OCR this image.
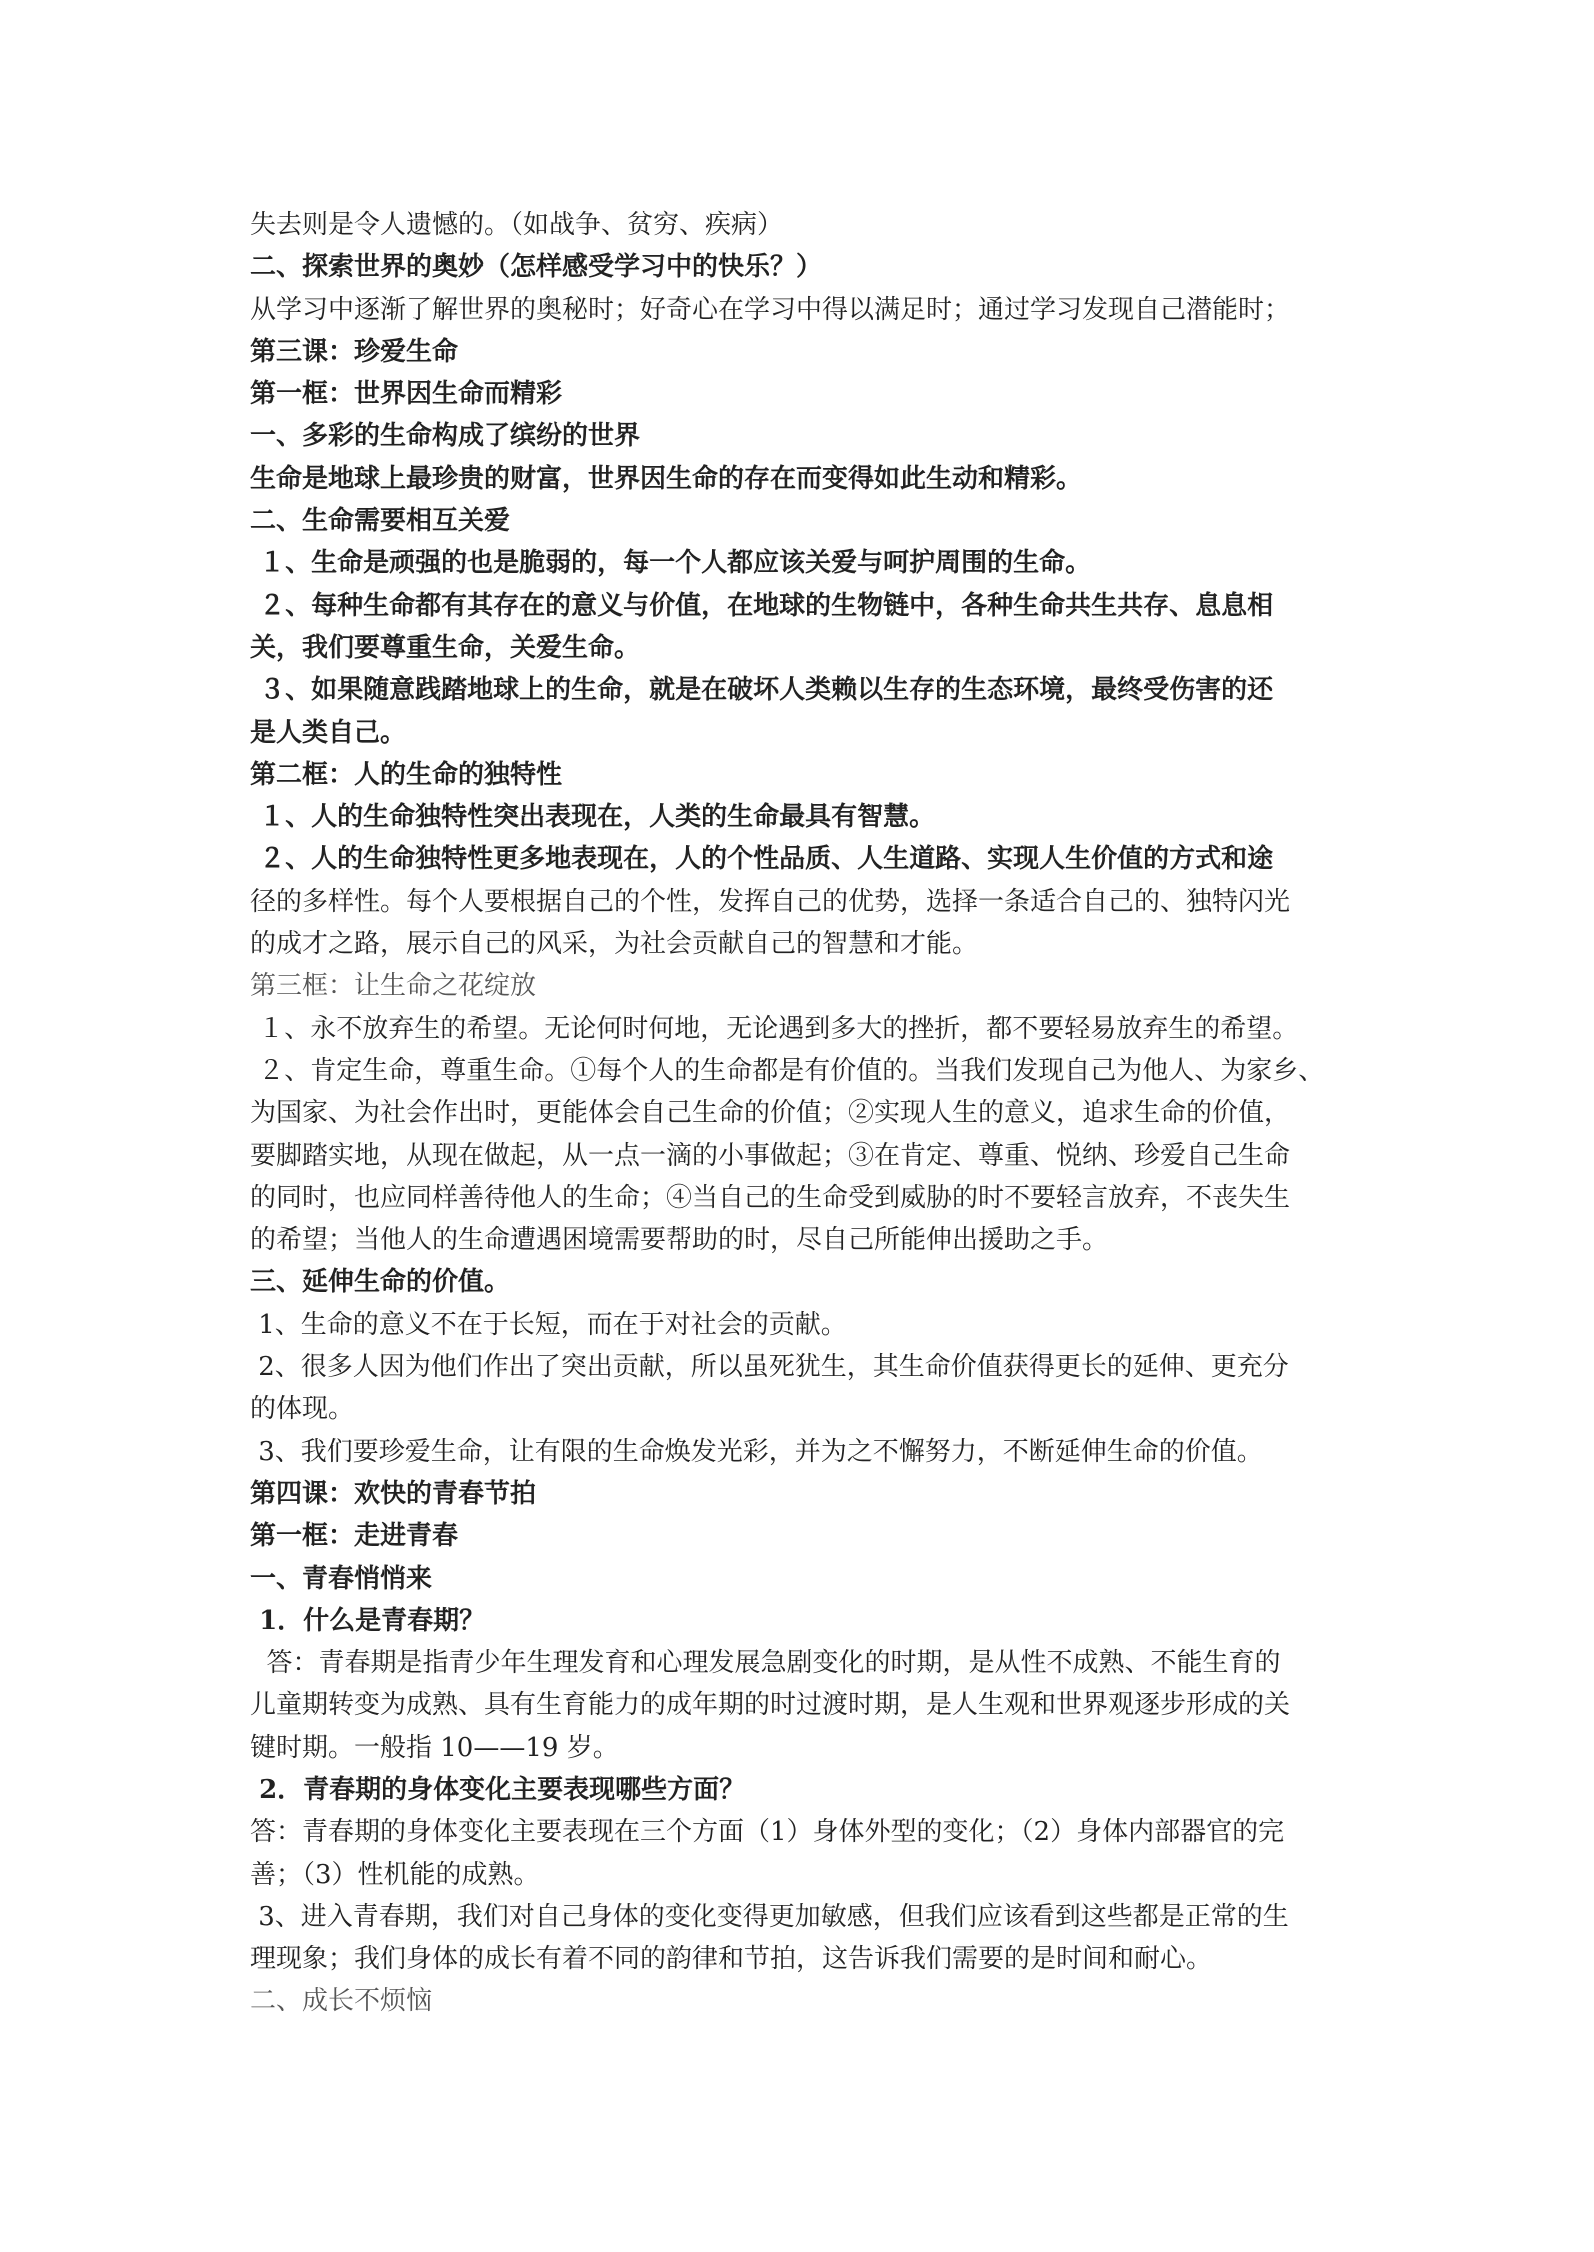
失去则是令人遗憾的。（如战争、贫穷、疾病）

二、探索世界的奥妙（怎样感受学习中的快乐？）

从学习中逐渐了解世界的奥秘时；好奇心在学习中得以满足时；通过学习发现自己潜能时；

第三课：珍爱生命

第一框：世界因生命而精彩

一、多彩的生命构成了缤纷的世界

生命是地球上最珍贵的财富，世界因生命的存在而变得如此生动和精彩。

二、生命需要相互关爱

１、生命是顽强的也是脆弱的，每一个人都应该关爱与呵护周围的生命。

２、每种生命都有其存在的意义与价值，在地球的生物链中，各种生命共生共存、息息相

关，我们要尊重生命，关爱生命。

３、如果随意践踏地球上的生命，就是在破坏人类赖以生存的生态环境，最终受伤害的还

是人类自己。

第二框：人的生命的独特性

１、人的生命独特性突出表现在，人类的生命最具有智慧。

２、人的生命独特性更多地表现在，人的个性品质、人生道路、实现人生价值的方式和途

径的多样性。每个人要根据自己的个性，发挥自己的优势，选择一条适合自己的、独特闪光

的成才之路，展示自己的风采，为社会贡献自己的智慧和才能。

第三框：让生命之花绽放

１、永不放弃生的希望。无论何时何地，无论遇到多大的挫折，都不要轻易放弃生的希望。

２、肯定生命，尊重生命。①每个人的生命都是有价值的。当我们发现自己为他人、为家乡、

为国家、为社会作出时，更能体会自己生命的价值；②实现人生的意义，追求生命的价值，

要脚踏实地，从现在做起，从一点一滴的小事做起；③在肯定、尊重、悦纳、珍爱自己生命

的同时，也应同样善待他人的生命；④当自己的生命受到威胁的时不要轻言放弃，不丧失生

的希望；当他人的生命遭遇困境需要帮助的时，尽自己所能伸出援助之手。

三、延伸生命的价值。

1、生命的意义不在于长短，而在于对社会的贡献。

2、很多人因为他们作出了突出贡献，所以虽死犹生，其生命价值获得更长的延伸、更充分

的体现。

3、我们要珍爱生命，让有限的生命焕发光彩，并为之不懈努力，不断延伸生命的价值。

第四课：欢快的青春节拍

第一框：走进青春

一、青春悄悄来

1．什么是青春期？

答：青春期是指青少年生理发育和心理发展急剧变化的时期，是从性不成熟、不能生育的

儿童期转变为成熟、具有生育能力的成年期的时过渡时期，是人生观和世界观逐步形成的关

键时期。一般指 10——19 岁。

2．青春期的身体变化主要表现哪些方面？

答：青春期的身体变化主要表现在三个方面（1）身体外型的变化；（2）身体内部器官的完

善；（3）性机能的成熟。

3、进入青春期，我们对自己身体的变化变得更加敏感，但我们应该看到这些都是正常的生

理现象；我们身体的成长有着不同的韵律和节拍，这告诉我们需要的是时间和耐心。

二、成长不烦恼
